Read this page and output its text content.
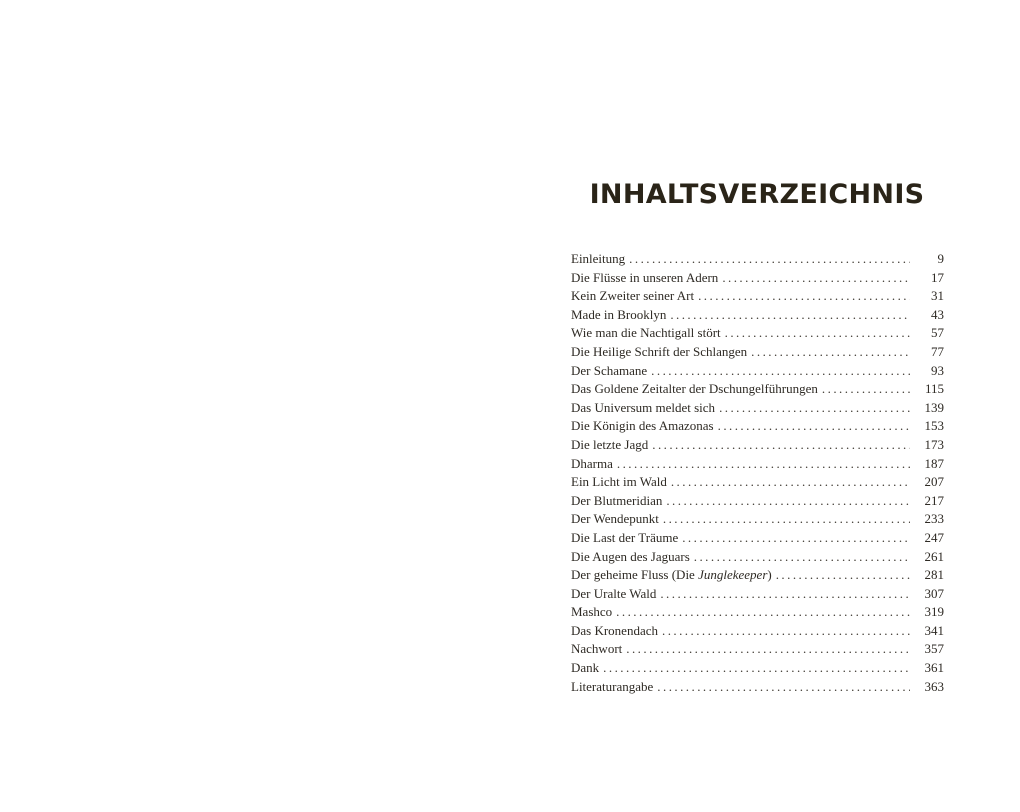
INHALTSVERZEICHNIS
Einleitung . . .	9
Die Flüsse in unseren Adern . . .	17
Kein Zweiter seiner Art . . .	31
Made in Brooklyn . . .	43
Wie man die Nachtigall stört . . .	57
Die Heilige Schrift der Schlangen . . .	77
Der Schamane . . .	93
Das Goldene Zeitalter der Dschungelführungen . . .	115
Das Universum meldet sich . . .	139
Die Königin des Amazonas . . .	153
Die letzte Jagd . . .	173
Dharma . . .	187
Ein Licht im Wald . . .	207
Der Blutmeridian . . .	217
Der Wendepunkt . . .	233
Die Last der Träume . . .	247
Die Augen des Jaguars . . .	261
Der geheime Fluss (Die Junglekeeper) . . .	281
Der Uralte Wald . . .	307
Mashco . . .	319
Das Kronendach . . .	341
Nachwort . . .	357
Dank . . .	361
Literaturangabe . . .	363
